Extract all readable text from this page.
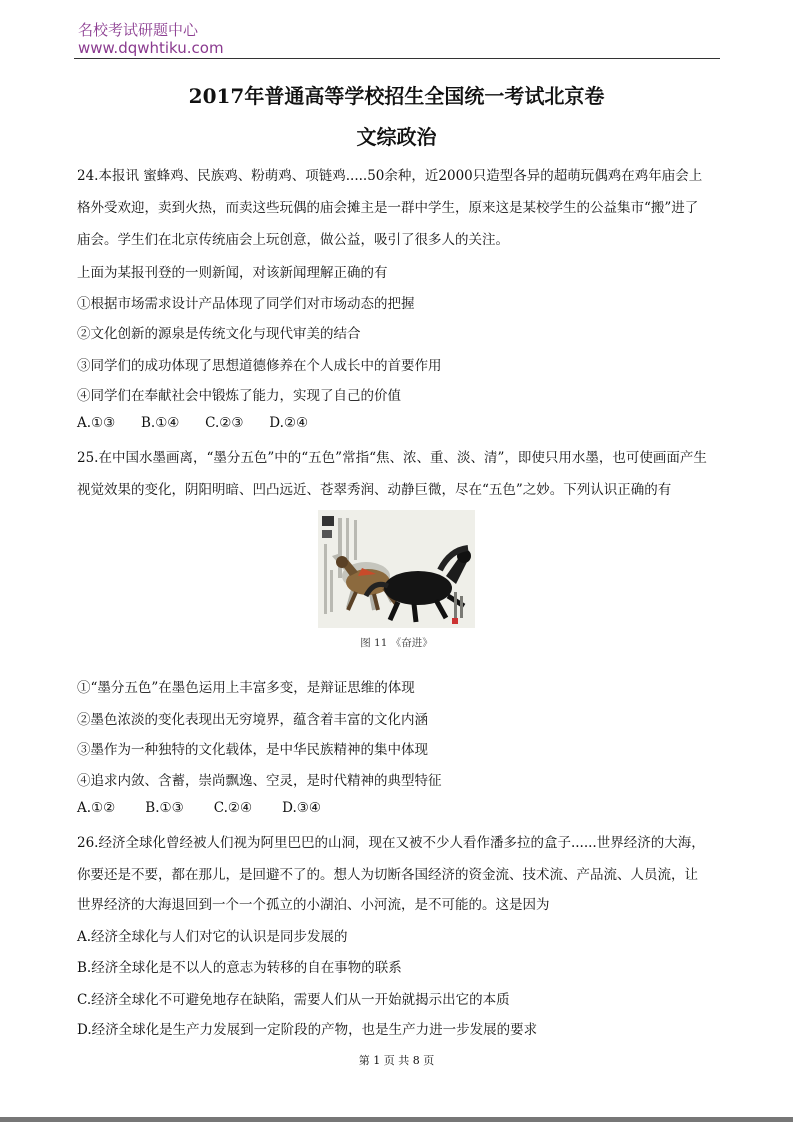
名校考试研题中心
www.dqwhtiku.com
2017年普通高等学校招生全国统一考试北京卷
文综政治
24.本报讯 蜜蜂鸡、民族鸡、粉萌鸡、项链鸡.....50余种，近2000只造型各异的超萌玩偶鸡在鸡年庙会上
格外受欢迎，卖到火热，而卖这些玩偶的庙会摊主是一群中学生，原来这是某校学生的公益集市“搬”进了
庙会。学生们在北京传统庙会上玩创意，做公益，吸引了很多人的关注。
上面为某报刊登的一则新闻，对该新闻理解正确的有
①根据市场需求设计产品体现了同学们对市场动态的把握
②文化创新的源泉是传统文化与现代审美的结合
③同学们的成功体现了思想道德修养在个人成长中的首要作用
④同学们在奉献社会中锻炼了能力，实现了自己的价值
A.①③      B.①④      C.②③      D.②④
25.在中国水墨画离，“墨分五色”中的“五色”常指“焦、浓、重、淡、清”，即使只用水墨，也可使画面产生
视觉效果的变化，阴阳明暗、凹凸远近、苍翠秀润、动静巨微，尽在“五色”之妙。下列认识正确的有
图 11 《奋进》
①“墨分五色”在墨色运用上丰富多变，是辩证思维的体现
②墨色浓淡的变化表现出无穷境界，蕴含着丰富的文化内涵
③墨作为一种独特的文化载体，是中华民族精神的集中体现
④追求内敛、含蓄，崇尚飘逸、空灵，是时代精神的典型特征
A.①②       B.①③       C.②④       D.③④
26.经济全球化曾经被人们视为阿里巴巴的山洞，现在又被不少人看作潘多拉的盒子......世界经济的大海，
你要还是不要，都在那儿，是回避不了的。想人为切断各国经济的资金流、技术流、产品流、人员流，让
世界经济的大海退回到一个一个孤立的小湖泊、小河流，是不可能的。这是因为
A.经济全球化与人们对它的认识是同步发展的
B.经济全球化是不以人的意志为转移的自在事物的联系
C.经济全球化不可避免地存在缺陷，需要人们从一开始就揭示出它的本质
D.经济全球化是生产力发展到一定阶段的产物，也是生产力进一步发展的要求
第 1 页 共 8 页
